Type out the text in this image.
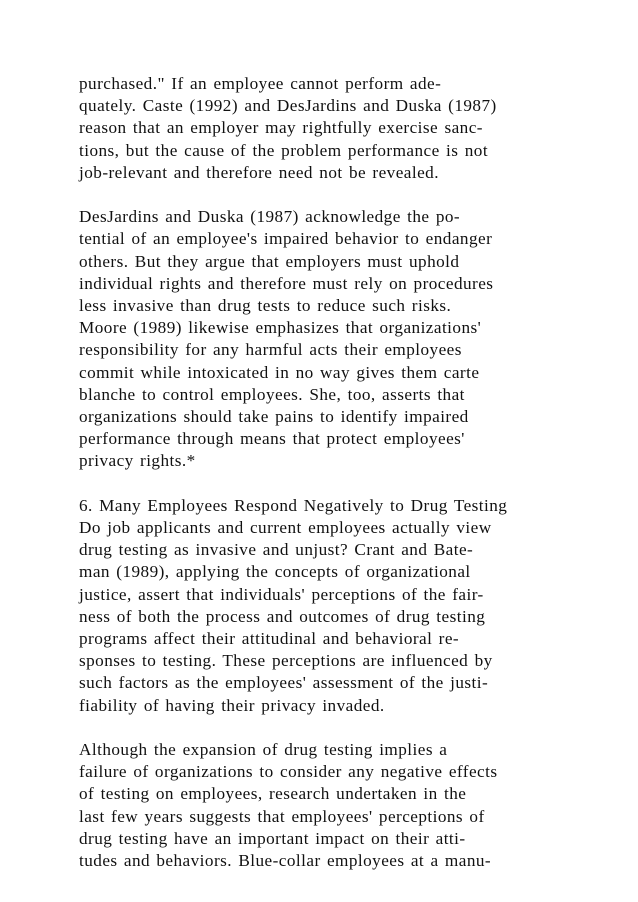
purchased." If an employee cannot perform ade-
quately. Caste (1992) and DesJardins and Duska (1987)
reason that an employer may rightfully exercise sanc-
tions, but the cause of the problem performance is not
job-relevant and therefore need not be revealed.

DesJardins and Duska (1987) acknowledge the po-
tential of an employee's impaired behavior to endanger
others. But they argue that employers must uphold
individual rights and therefore must rely on procedures
less invasive than drug tests to reduce such risks.
Moore (1989) likewise emphasizes that organizations'
responsibility for any harmful acts their employees
commit while intoxicated in no way gives them carte
blanche to control employees. She, too, asserts that
organizations should take pains to identify impaired
performance through means that protect employees'
privacy rights.*

6. Many Employees Respond Negatively to Drug Testing
Do job applicants and current employees actually view
drug testing as invasive and unjust? Crant and Bate-
man (1989), applying the concepts of organizational
justice, assert that individuals' perceptions of the fair-
ness of both the process and outcomes of drug testing
programs affect their attitudinal and behavioral re-
sponses to testing. These perceptions are influenced by
such factors as the employees' assessment of the justi-
fiability of having their privacy invaded.

Although the expansion of drug testing implies a
failure of organizations to consider any negative effects
of testing on employees, research undertaken in the
last few years suggests that employees' perceptions of
drug testing have an important impact on their atti-
tudes and behaviors. Blue-collar employees at a manu-
